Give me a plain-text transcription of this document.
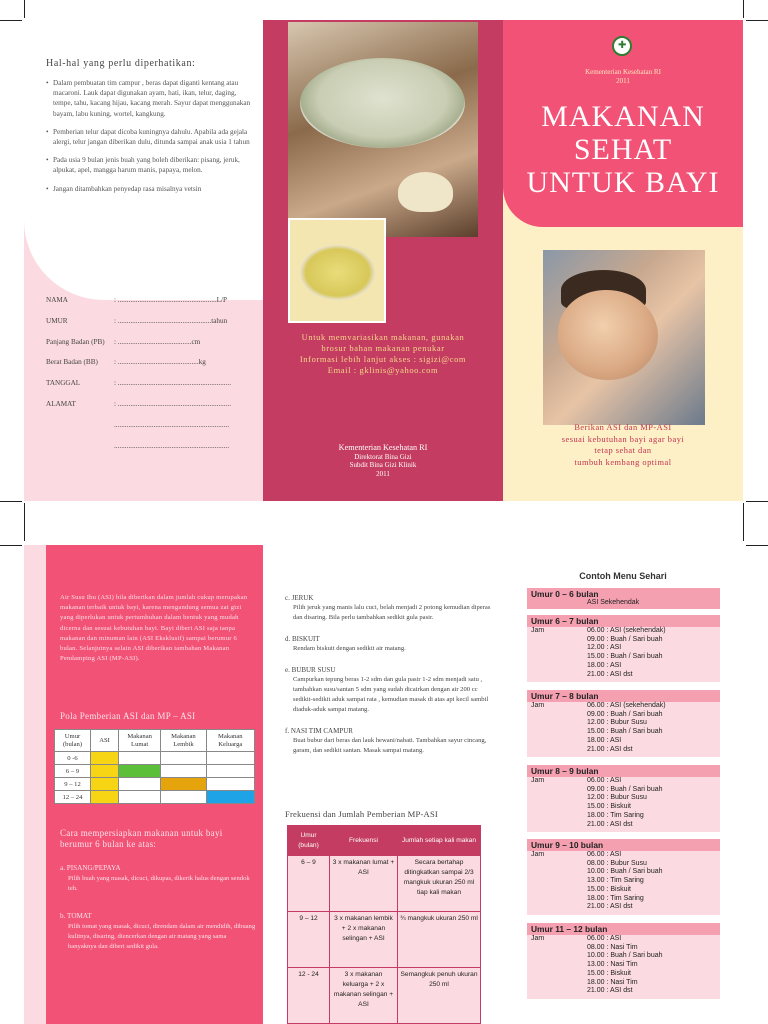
Hal-hal yang perlu diperhatikan:
• Dalam pembuatan tim campur , beras dapat diganti kentang atau macaroni. Lauk dapat digunakan ayam, hati, ikan, telur, daging, tempe, tahu, kacang hijau, kacang merah. Sayur dapat menggunakan bayam, labu kuning, wortel, kangkung.
• Pemberian telur dapat dicoba kuningnya dahulu. Apabila ada gejala alergi, telur jangan diberikan dulu, ditunda sampai anak usia 1 tahun
• Pada usia 9 bulan jenis buah yang boleh diberikan: pisang, jeruk, alpukat, apel, mangga harum manis, papaya, melon.
• Jangan ditambahkan penyedap rasa misalnya vetsin
NAMA	: .......................................................L/P
UMUR	: ....................................................tahun
Panjang Badan (PB) : .........................................cm
Berat Badan (BB) : .............................................kg
TANGGAL	: ...............................................................
ALAMAT	: ...............................................................
................................................................
................................................................

Untuk memvariasikan makanan, gunakan

brosur bahan makanan penukar

Informasi lebih lanjut akses : sigizi@com

Email : gklinis@yahoo.com

Kementerian Kesehatan RI
Direktorat Bina Gizi
Subdit Bina Gizi Klinik
2011
✚
Kementerian Kesehatan RI
2011
MAKANAN
SEHAT
UNTUK BAYI
Berikan ASI dan MP-ASI
sesuai kebutuhan bayi agar bayi
tetap sehat dan
tumbuh kembang optimal
Air Susu Ibu (ASI) bila diberikan dalam jumlah cukup merupakan makanan terbaik untuk bayi, karena mengandung semua zat gizi yang diperlukan untuk pertumbuhan dalam bentuk yang mudah dicerna dan sesuai kebutuhan bayi. Bayi diberi ASI saja tanpa makanan dan minuman lain (ASI Eksklusif) sampai berumur 6 bulan. Selanjutnya selain ASI diberikan tambahan Makanan Pendamping ASI (MP-ASI).
Pola Pemberian ASI dan MP – ASI
Umur (bulan)	ASI	Makanan Lumat	Makanan Lembik	Makanan Keluarga
0 -6				
6 – 9				
9 – 12				
12 – 24				
Cara mempersiapkan makanan untuk bayi berumur 6 bulan ke atas:
a. PISANG/PEPAYA
Pilih buah yang masak, dicuci, dikupas, dikerik halus dengan sendok teh.
b. TOMAT
Pilih tomat yang masak, dicuci, direndam dalam air mendidih, dibuang kulitnya, disaring, diencerkan dengan air matang yang sama banyaknya dan diberi sedikit gula.
c. JERUK
Pilih jeruk yang manis lalu cuci, belah menjadi 2 potong kemudian diperas dan disaring. Bila perlu tambahkan sedikit gula pasir.
d. BISKUIT
Rendam biskuit dengan sedikit air matang.
e. BUBUR SUSU
Campurkan tepung beras 1-2 sdm dan gula pasir 1-2 sdm menjadi satu , tambahkan susu/santan 5 sdm yang sudah dicairkan dengan air 200 cc sedikit-sedikit aduk sampai rata , kemudian masak di atas api kecil sambil diaduk-aduk sampai matang.
f. NASI TIM CAMPUR
Buat bubur dari beras dan lauk hewani/nabati. Tambahkan sayur cincang, garam, dan sedikit santan. Masak sampai matang.
Frekuensi dan Jumlah Pemberian MP-ASI
Umur (bulan)	Frekuensi	Jumlah setiap kali makan
6 – 9	3 x makanan lumat + ASI	Secara bertahap ditingkatkan sampai 2/3 mangkuk ukuran 250 ml tiap kali makan
9 – 12	3 x makanan lembik + 2 x makanan selingan + ASI	¾ mangkuk ukuran 250 ml
12 - 24	3 x makanan keluarga + 2 x makanan selingan + ASI	Semangkuk penuh ukuran 250 ml
Contoh Menu Sehari
Umur 0 – 6 bulan
ASI Sekehendak
Umur 6 – 7 bulan
Jam	06.00 : ASI (sekehendak)
09.00 : Buah / Sari buah
12.00 : ASI
15.00 : Buah / Sari buah
18.00 : ASI
21.00 : ASI dst
Umur 7 – 8 bulan
Jam	06.00 : ASI (sekehendak)
09.00 : Buah / Sari buah
12.00 : Bubur Susu
15.00 : Buah / Sari buah
18.00 : ASI
21.00 : ASI dst
Umur 8 – 9 bulan
Jam	06.00 : ASI
09.00 : Buah / Sari buah
12.00 : Bubur Susu
15.00 : Biskuit
18.00 : Tim Saring
21.00 : ASI dst
Umur 9 – 10 bulan
Jam	06.00 : ASI
08.00 : Bubur Susu
10.00 : Buah / Sari buah
13.00 : Tim Saring
15.00 : Biskuit
18.00 : Tim Saring
21.00 : ASI dst
Umur 11 – 12 bulan
Jam	06.00 : ASI
08.00 : Nasi Tim
10.00 : Buah / Sari buah
13.00 : Nasi Tim
15.00 : Biskuit
18.00 : Nasi Tim
21.00 : ASI dst
